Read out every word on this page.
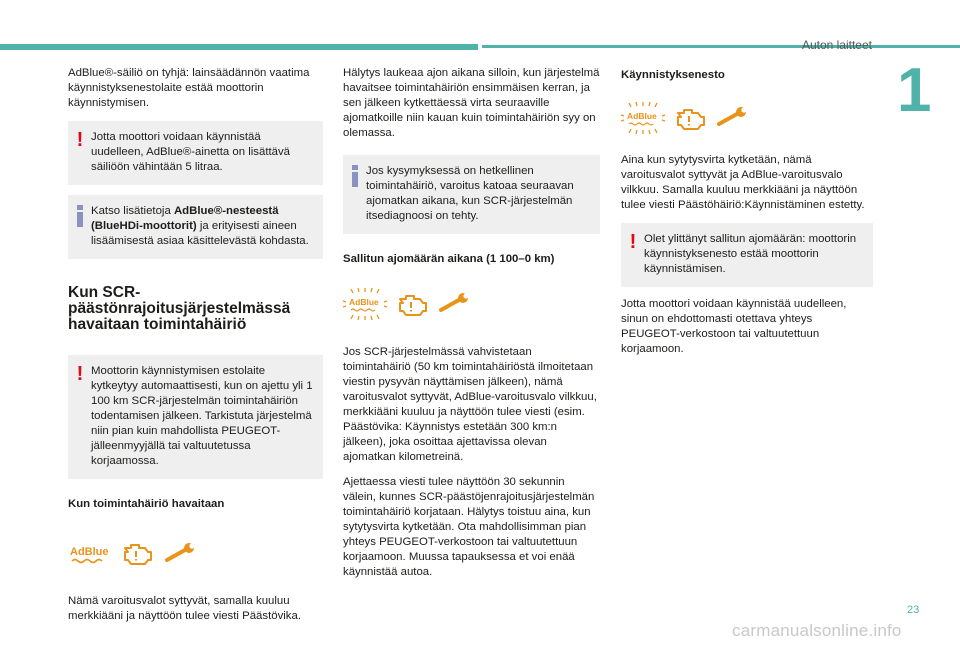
Auton laitteet
1
23
carmanualsonline.info

AdBlue®-säiliö on tyhjä: lainsäädännön vaatima käynnistyksenestolaite estää moottorin käynnistymisen.

! Jotta moottori voidaan käynnistää uudelleen, AdBlue®-ainetta on lisättävä säiliöön vähintään 5 litraa.
Katso lisätietoja AdBlue®-nesteestä (BlueHDi-moottorit) ja erityisesti aineen lisäämisestä asiaa käsittelevästä kohdasta.
Kun SCR-päästönrajoitusjärjestelmässä havaitaan toimintahäiriö
! Moottorin käynnistymisen estolaite kytkeytyy automaattisesti, kun on ajettu yli 1 100 km SCR-järjestelmän toimintahäiriön todentamisen jälkeen. Tarkistuta järjestelmä niin pian kuin mahdollista PEUGEOT-jälleenmyyjällä tai valtuutetussa korjaamossa.
Kun toimintahäiriö havaitaan
AdBlue

Nämä varoitusvalot syttyvät, samalla kuuluu merkkiääni ja näyttöön tulee viesti Päästövika.

Hälytys laukeaa ajon aikana silloin, kun järjestelmä havaitsee toimintahäiriön ensimmäisen kerran, ja sen jälkeen kytkettäessä virta seuraaville ajomatkoille niin kauan kuin toimintahäiriön syy on olemassa.

Jos kysymyksessä on hetkellinen toimintahäiriö, varoitus katoaa seuraavan ajomatkan aikana, kun SCR-järjestelmän itsediagnoosi on tehty.
Sallitun ajomäärän aikana (1 100–0 km)
AdBlue

Jos SCR-järjestelmässä vahvistetaan toimintahäiriö (50 km toimintahäiriöstä ilmoitetaan viestin pysyvän näyttämisen jälkeen), nämä varoitusvalot syttyvät, AdBlue-varoitusvalo vilkkuu, merkkiääni kuuluu ja näyttöön tulee viesti (esim. Päästövika: Käynnistys estetään 300 km:n jälkeen), joka osoittaa ajettavissa olevan ajomatkan kilometreinä.

Ajettaessa viesti tulee näyttöön 30 sekunnin välein, kunnes SCR-päästöjenrajoitusjärjestelmän toimintahäiriö korjataan. Hälytys toistuu aina, kun sytytysvirta kytketään. Ota mahdollisimman pian yhteys PEUGEOT-verkostoon tai valtuutettuun korjaamoon. Muussa tapauksessa et voi enää käynnistää autoa.

Käynnistyksenesto
AdBlue

Aina kun sytytysvirta kytketään, nämä varoitusvalot syttyvät ja AdBlue-varoitusvalo vilkkuu. Samalla kuuluu merkkiääni ja näyttöön tulee viesti Päästöhäiriö:Käynnistäminen estetty.

! Olet ylittänyt sallitun ajomäärän: moottorin käynnistyksenesto estää moottorin käynnistämisen.

Jotta moottori voidaan käynnistää uudelleen, sinun on ehdottomasti otettava yhteys PEUGEOT-verkostoon tai valtuutettuun korjaamoon.
